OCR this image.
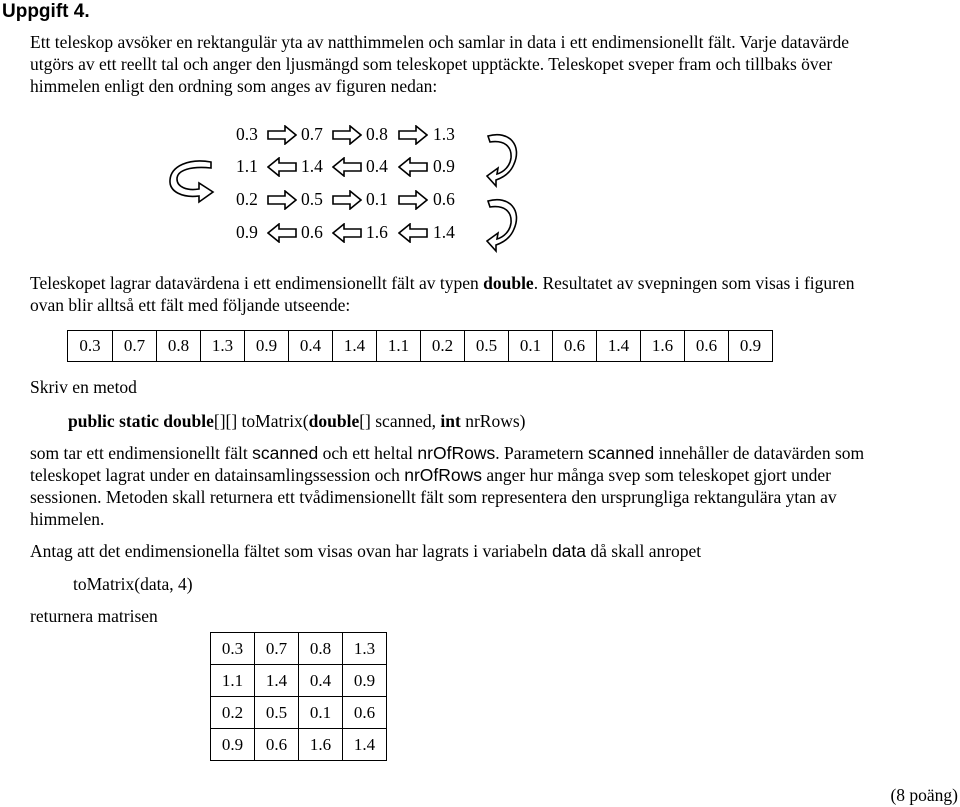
Uppgift 4.
Ett teleskop avsöker en rektangulär yta av natthimmelen och samlar in data i ett endimensionellt fält. Varje datavärde
utgörs av ett reellt tal och anger den ljusmängd som teleskopet upptäckte. Teleskopet sveper fram och tillbaks över
himmelen enligt den ordning som anges av figuren nedan:
0.3 0.7 0.8	1.3
1.1 1.4 0.4	0.9
0.2 0.5 0.1	0.6
0.9 0.6 1.6	1.4
Teleskopet lagrar datavärdena i ett endimensionellt fält av typen double. Resultatet av svepningen som visas i figuren
ovan blir alltså ett fält med följande utseende:
0.3	0.7	0.8	1.3	0.9	0.4	1.4	1.1	0.2	0.5	0.1	0.6	1.4	1.6	0.6	0.9
Skriv en metod
public static double[][] toMatrix(double[] scanned, int nrRows)
som tar ett endimensionellt fält scanned och ett heltal nrOfRows. Parametern scanned innehåller de datavärden som
teleskopet lagrat under en datainsamlingssession och nrOfRows anger hur många svep som teleskopet gjort under
sessionen. Metoden skall returnera ett tvådimensionellt fält som representera den ursprungliga rektangulära ytan av
himmelen.
Antag att det endimensionella fältet som visas ovan har lagrats i variabeln data då skall anropet
toMatrix(data, 4)
returnera matrisen
0.3	0.7	0.8	1.3
1.1	1.4	0.4	0.9
0.2	0.5	0.1	0.6
0.9	0.6	1.6	1.4
(8 poäng)
